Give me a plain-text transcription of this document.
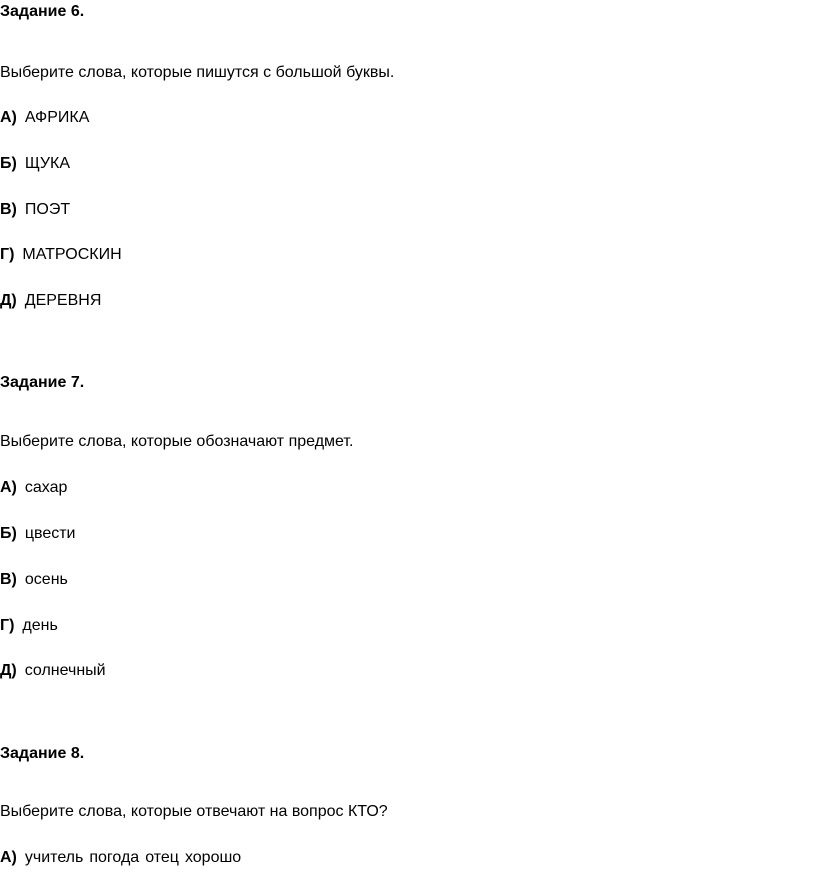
Задание 6.
Выберите слова, которые пишутся с большой буквы.
А) АФРИКА
Б) ЩУКА
В) ПОЭТ
Г) МАТРОСКИН
Д) ДЕРЕВНЯ
Задание 7.
Выберите слова, которые обозначают предмет.
А) сахар
Б) цвести
В) осень
Г) день
Д) солнечный
Задание 8.
Выберите слова, которые отвечают на вопрос КТО?
А) учитель погода отец хорошо
